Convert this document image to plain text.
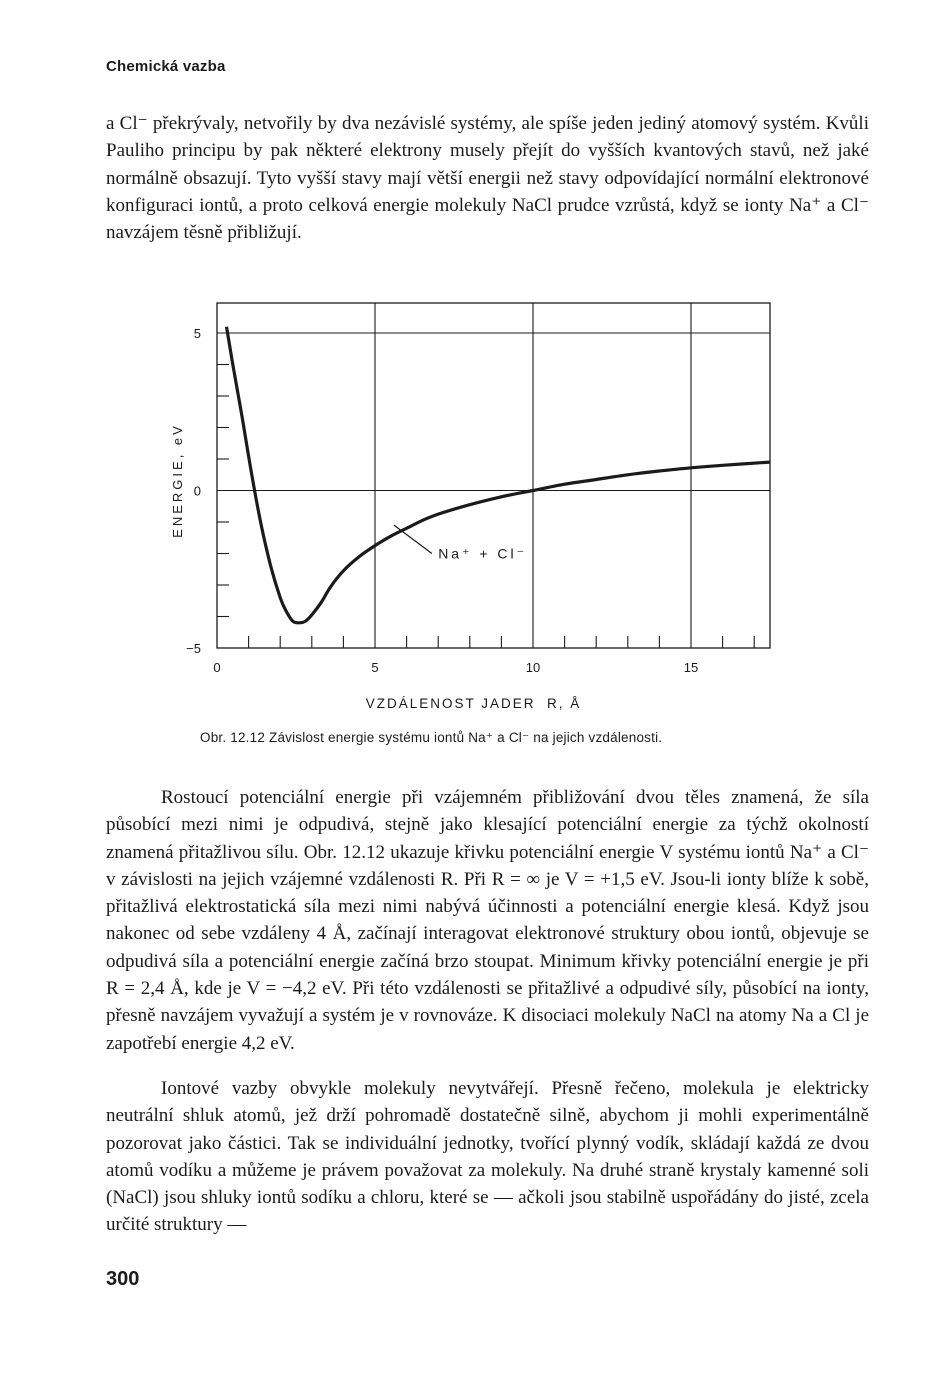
Chemická vazba

a Cl⁻ překrývaly, netvořily by dva nezávislé systémy, ale spíše jeden jediný atomový systém. Kvůli Pauliho principu by pak některé elektrony musely přejít do vyšších kvantových stavů, než jaké normálně obsazují. Tyto vyšší stavy mají větší energii než stavy odpovídající normální elektronové konfiguraci iontů, a proto celková energie molekuly NaCl prudce vzrůstá, když se ionty Na⁺ a Cl⁻ navzájem těsně přibližují.

0	5	10	15
5
0
−5
Na⁺ + Cl⁻
ENERGIE, eV
VZDÁLENOST JADER  R, Å

Obr. 12.12 Závislost energie systému iontů Na⁺ a Cl⁻ na jejich vzdálenosti.

Rostoucí potenciální energie při vzájemném přibližování dvou těles znamená, že síla působící mezi nimi je odpudivá, stejně jako klesající potenciální energie za týchž okolností znamená přitažlivou sílu. Obr. 12.12 ukazuje křivku potenciální energie V systému iontů Na⁺ a Cl⁻ v závislosti na jejich vzájemné vzdálenosti R. Při R = ∞ je V = +1,5 eV. Jsou-li ionty blíže k sobě, přitažlivá elektrostatická síla mezi nimi nabývá účinnosti a potenciální energie klesá. Když jsou nakonec od sebe vzdáleny 4 Å, začínají interagovat elektronové struktury obou iontů, objevuje se odpudivá síla a potenciální energie začíná brzo stoupat. Minimum křivky potenciální energie je při R = 2,4 Å, kde je V = −4,2 eV. Při této vzdálenosti se přitažlivé a odpudivé síly, působící na ionty, přesně navzájem vyvažují a systém je v rovnováze. K disociaci molekuly NaCl na atomy Na a Cl je zapotřebí energie 4,2 eV.

Iontové vazby obvykle molekuly nevytvářejí. Přesně řečeno, molekula je elektricky neutrální shluk atomů, jež drží pohromadě dostatečně silně, abychom ji mohli experimentálně pozorovat jako částici. Tak se individuální jednotky, tvořící plynný vodík, skládají každá ze dvou atomů vodíku a můžeme je právem považovat za molekuly. Na druhé straně krystaly kamenné soli (NaCl) jsou shluky iontů sodíku a chloru, které se — ačkoli jsou stabilně uspořádány do jisté, zcela určité struktury —

300
